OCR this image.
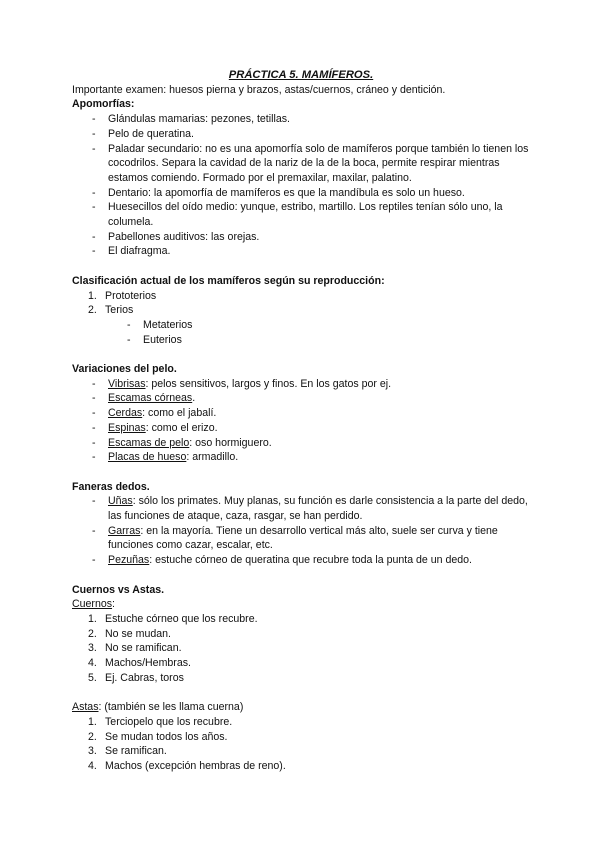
PRÁCTICA 5. MAMÍFEROS.

Importante examen: huesos pierna y brazos, astas/cuernos, cráneo y dentición.
Apomorfías:
- Glándulas mamarias: pezones, tetillas.
- Pelo de queratina.
- Paladar secundario: no es una apomorfía solo de mamíferos porque también lo tienen los cocodrilos. Separa la cavidad de la nariz de la de la boca, permite respirar mientras estamos comiendo. Formado por el premaxilar, maxilar, palatino.
- Dentario: la apomorfía de mamíferos es que la mandíbula es solo un hueso.
- Huesecillos del oído medio: yunque, estribo, martillo. Los reptiles tenían sólo uno, la columela.
- Pabellones auditivos: las orejas.
- El diafragma.
Clasificación actual de los mamíferos según su reproducción:
1. Prototerios
2. Terios
- Metaterios
- Euterios
Variaciones del pelo.
- Vibrisas: pelos sensitivos, largos y finos. En los gatos por ej.
- Escamas córneas.
- Cerdas: como el jabalí.
- Espinas: como el erizo.
- Escamas de pelo: oso hormiguero.
- Placas de hueso: armadillo.
Faneras dedos.
- Uñas: sólo los primates. Muy planas, su función es darle consistencia a la parte del dedo, las funciones de ataque, caza, rasgar, se han perdido.
- Garras: en la mayoría. Tiene un desarrollo vertical más alto, suele ser curva y tiene funciones como cazar, escalar, etc.
- Pezuñas: estuche córneo de queratina que recubre toda la punta de un dedo.
Cuernos vs Astas.
Cuernos:
1. Estuche córneo que los recubre.
2. No se mudan.
3. No se ramifican.
4. Machos/Hembras.
5. Ej. Cabras, toros
Astas: (también se les llama cuerna)
1. Terciopelo que los recubre.
2. Se mudan todos los años.
3. Se ramifican.
4. Machos (excepción hembras de reno).
